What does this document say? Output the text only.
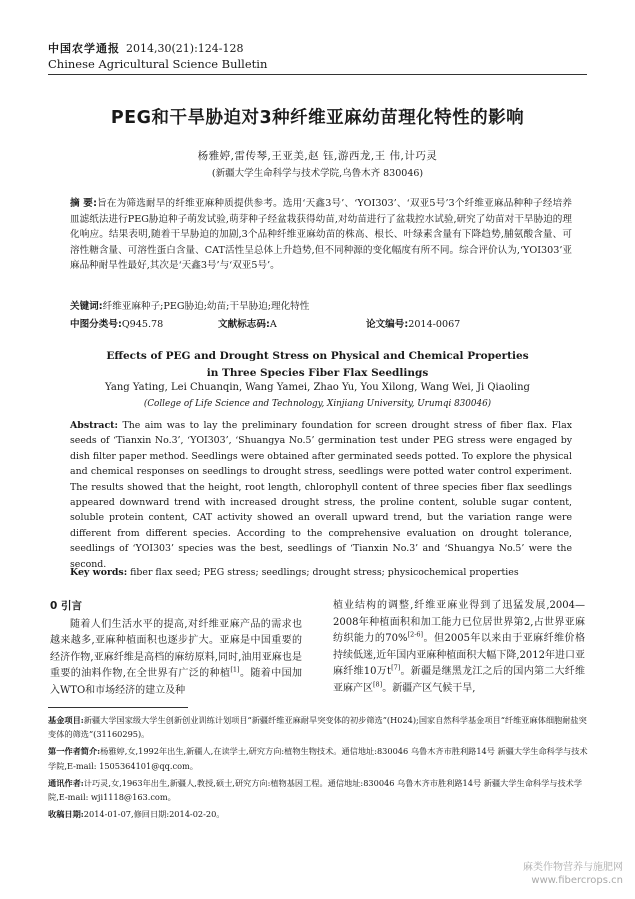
中国农学通报 2014,30(21):124-128
Chinese Agricultural Science Bulletin
PEG和干旱胁迫对3种纤维亚麻幼苗理化特性的影响
杨雅婷,雷传琴,王亚美,赵 钰,游西龙,王 伟,计巧灵
(新疆大学生命科学与技术学院,乌鲁木齐 830046)
摘 要:旨在为筛选耐旱的纤维亚麻种质提供参考。选用‘天鑫3号’、‘YOI303’、‘双亚5号’3个纤维亚麻品种种子经培养皿滤纸法进行PEG胁迫种子萌发试验,萌芽种子经盆栽获得幼苗,对幼苗进行了盆栽控水试验,研究了幼苗对干旱胁迫的理化响应。结果表明,随着干旱胁迫的加剧,3个品种纤维亚麻幼苗的株高、根长、叶绿素含量有下降趋势,脯氨酸含量、可溶性糖含量、可溶性蛋白含量、CAT活性呈总体上升趋势,但不同种源的变化幅度有所不同。综合评价认为,‘YOI303’亚麻品种耐旱性最好,其次是‘天鑫3号’与‘双亚5号’。
关键词:纤维亚麻种子;PEG胁迫;幼苗;干旱胁迫;理化特性
中图分类号:Q945.78	文献标志码:A	论文编号:2014-0067
Effects of PEG and Drought Stress on Physical and Chemical Properties
in Three Species Fiber Flax Seedlings
Yang Yating, Lei Chuanqin, Wang Yamei, Zhao Yu, You Xilong, Wang Wei, Ji Qiaoling
(College of Life Science and Technology, Xinjiang University, Urumqi 830046)
Abstract: The aim was to lay the preliminary foundation for screen drought stress of fiber flax. Flax seeds of ‘Tianxin No.3’, ‘YOI303’, ‘Shuangya No.5’ germination test under PEG stress were engaged by dish filter paper method. Seedlings were obtained after germinated seeds potted. To explore the physical and chemical responses on seedlings to drought stress, seedlings were potted water control experiment. The results showed that the height, root length, chlorophyll content of three species fiber flax seedlings appeared downward trend with increased drought stress, the proline content, soluble sugar content, soluble protein content, CAT activity showed an overall upward trend, but the variation range were different from different species. According to the comprehensive evaluation on drought tolerance, seedlings of ‘YOI303’ species was the best, seedlings of ‘Tianxin No.3’ and ‘Shuangya No.5’ were the second.
Key words: fiber flax seed; PEG stress; seedlings; drought stress; physicochemical properties
0 引言
随着人们生活水平的提高,对纤维亚麻产品的需求也越来越多,亚麻种植面积也逐步扩大。亚麻是中国重要的经济作物,亚麻纤维是高档的麻纺原料,同时,油用亚麻也是重要的油料作物,在全世界有广泛的种植[1]。随着中国加入WTO和市场经济的建立及种
植业结构的调整,纤维亚麻业得到了迅猛发展,2004—2008年种植面积和加工能力已位居世界第2,占世界亚麻纺织能力的70%[2-6]。但2005年以来由于亚麻纤维价格持续低迷,近年国内亚麻种植面积大幅下降,2012年进口亚麻纤维10万t[7]。新疆是继黑龙江之后的国内第二大纤维亚麻产区[8]。新疆产区气候干旱,

基金项目:新疆大学国家级大学生创新创业训练计划项目“新疆纤维亚麻耐旱突变体的初步筛选”(H024);国家自然科学基金项目“纤维亚麻体细胞耐盐突变体的筛选”(31160295)。

第一作者简介:杨雅婷,女,1992年出生,新疆人,在读学士,研究方向:植物生物技术。通信地址:830046 乌鲁木齐市胜利路14号 新疆大学生命科学与技术学院,E-mail: 1505364101@qq.com。

通讯作者:计巧灵,女,1963年出生,新疆人,教授,硕士,研究方向:植物基因工程。通信地址:830046 乌鲁木齐市胜利路14号 新疆大学生命科学与技术学院,E-mail: wji1118@163.com。

收稿日期:2014-01-07,修回日期:2014-02-20。

麻类作物营养与施肥网
www.fibercrops.cn
